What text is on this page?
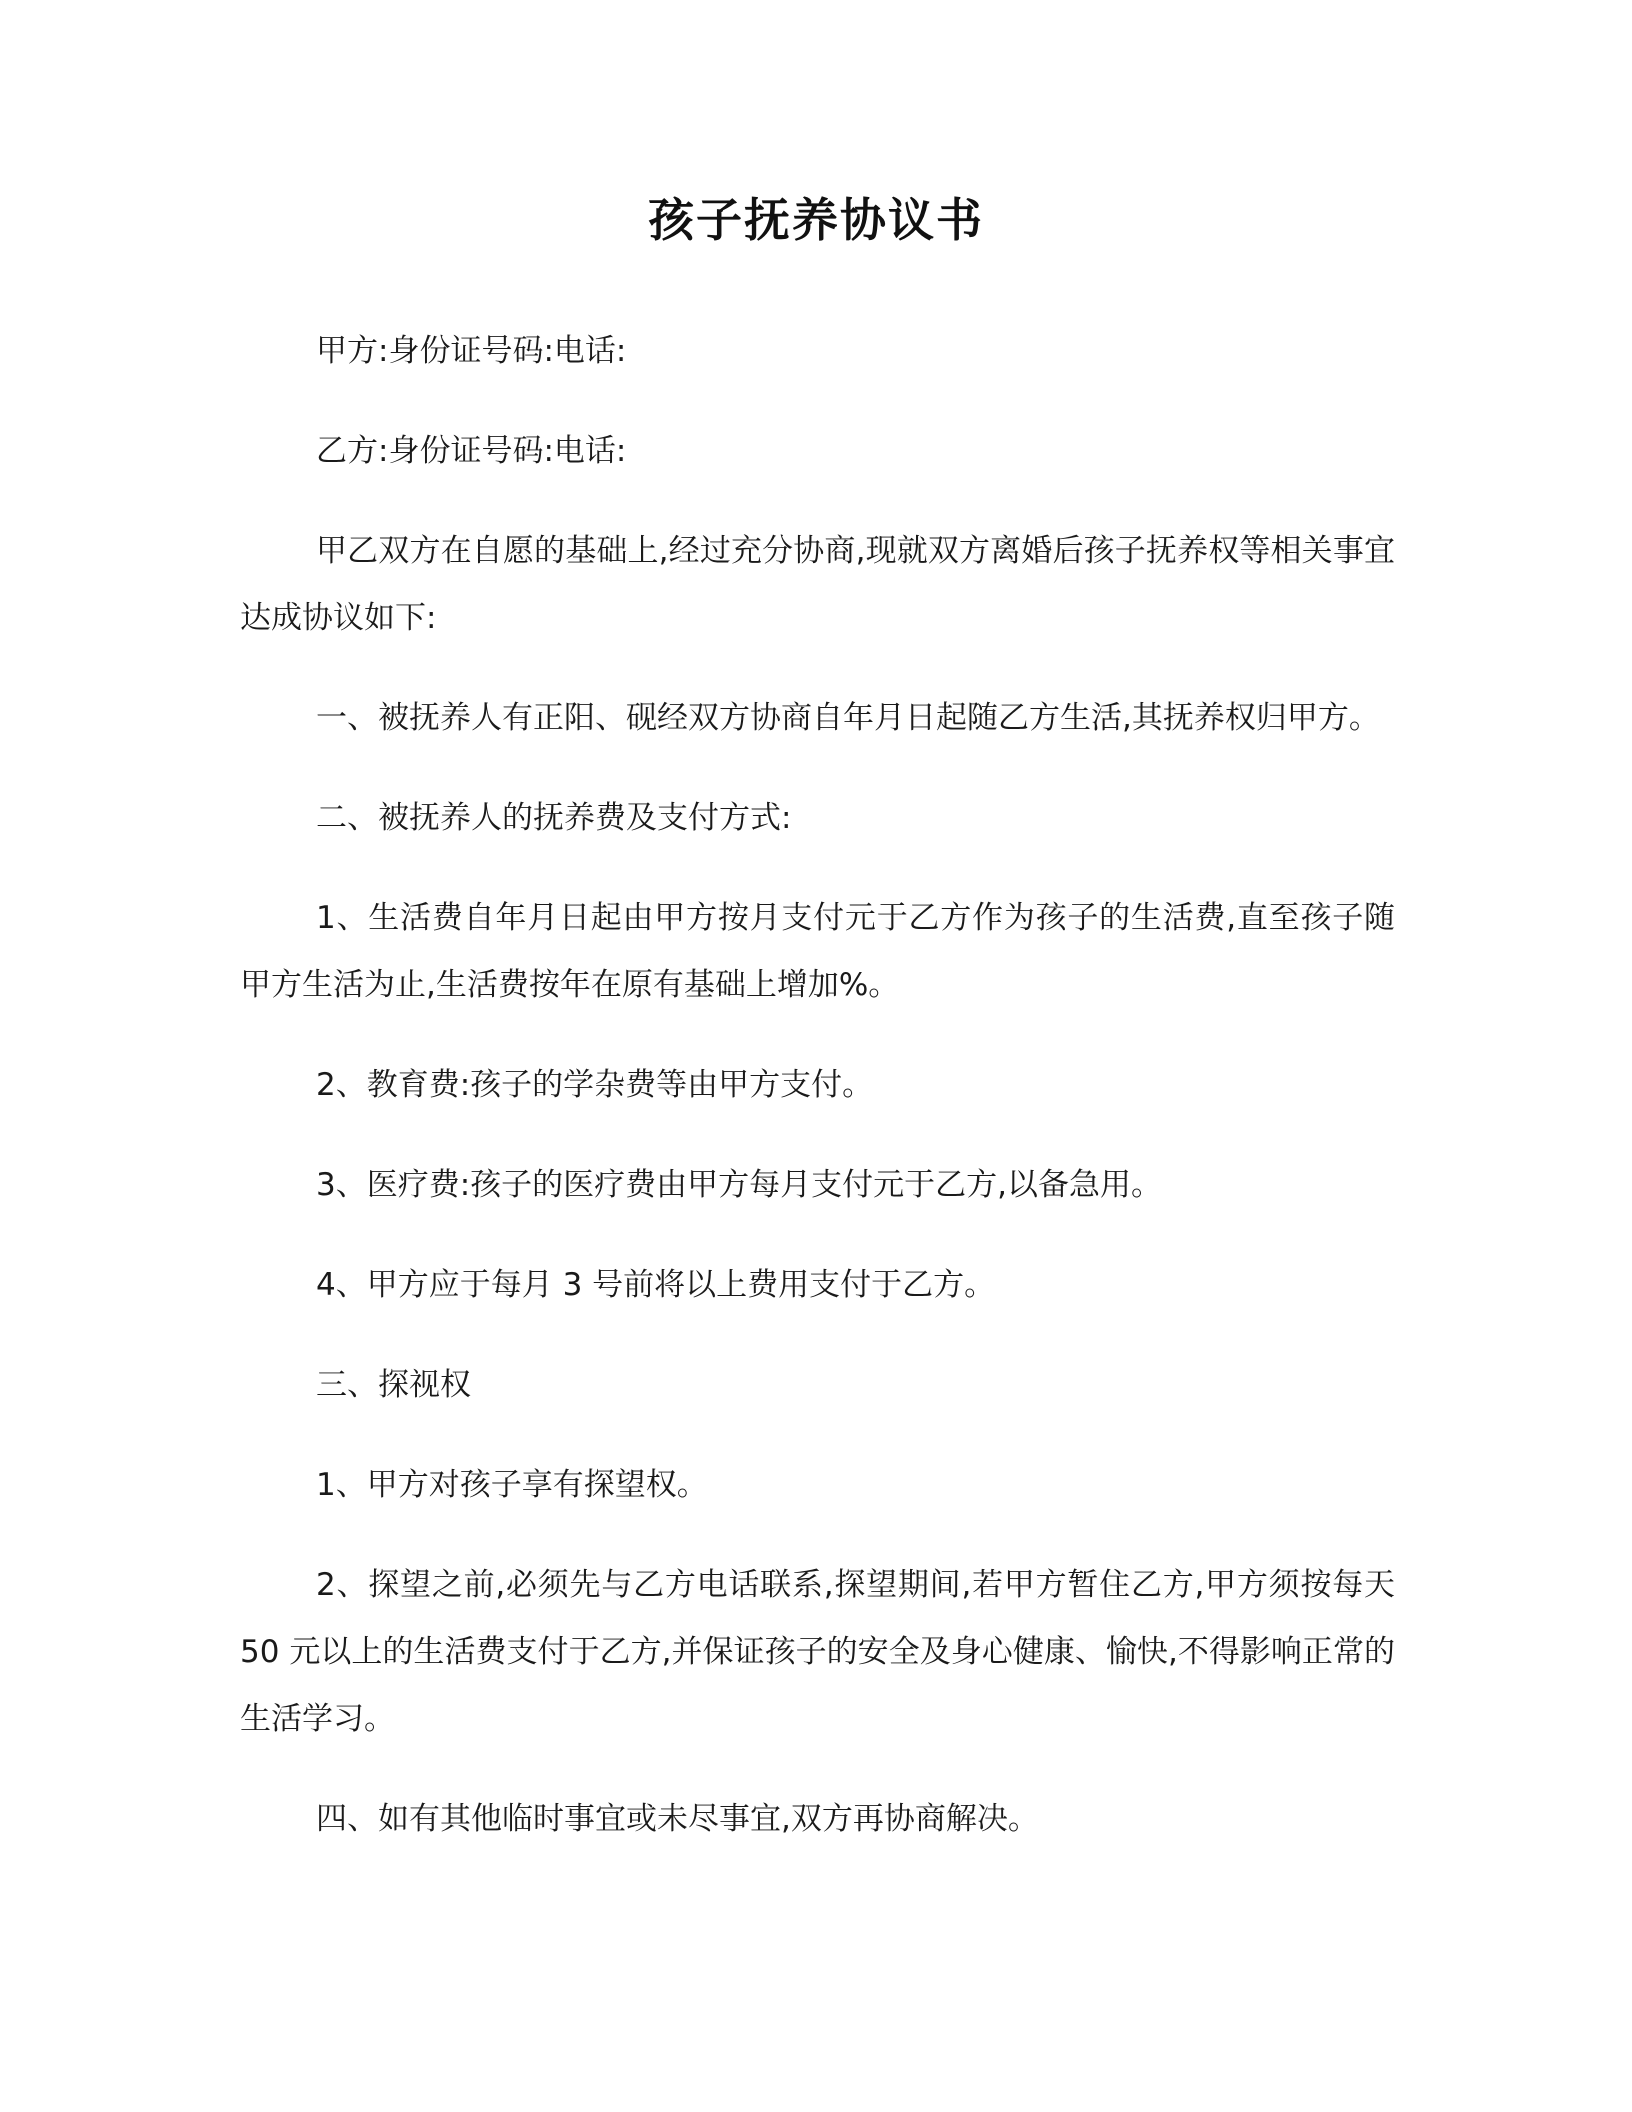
孩子抚养协议书

甲方:身份证号码:电话:

乙方:身份证号码:电话:

甲乙双方在自愿的基础上,经过充分协商,现就双方离婚后孩子抚养权等相关事宜达成协议如下:

一、被抚养人有正阳、砚经双方协商自年月日起随乙方生活,其抚养权归甲方。

二、被抚养人的抚养费及支付方式:

1、生活费自年月日起由甲方按月支付元于乙方作为孩子的生活费,直至孩子随甲方生活为止,生活费按年在原有基础上增加%。

2、教育费:孩子的学杂费等由甲方支付。

3、医疗费:孩子的医疗费由甲方每月支付元于乙方,以备急用。

4、甲方应于每月 3 号前将以上费用支付于乙方。

三、探视权

1、甲方对孩子享有探望权。

2、探望之前,必须先与乙方电话联系,探望期间,若甲方暂住乙方,甲方须按每天 50 元以上的生活费支付于乙方,并保证孩子的安全及身心健康、愉快,不得影响正常的生活学习。

四、如有其他临时事宜或未尽事宜,双方再协商解决。
